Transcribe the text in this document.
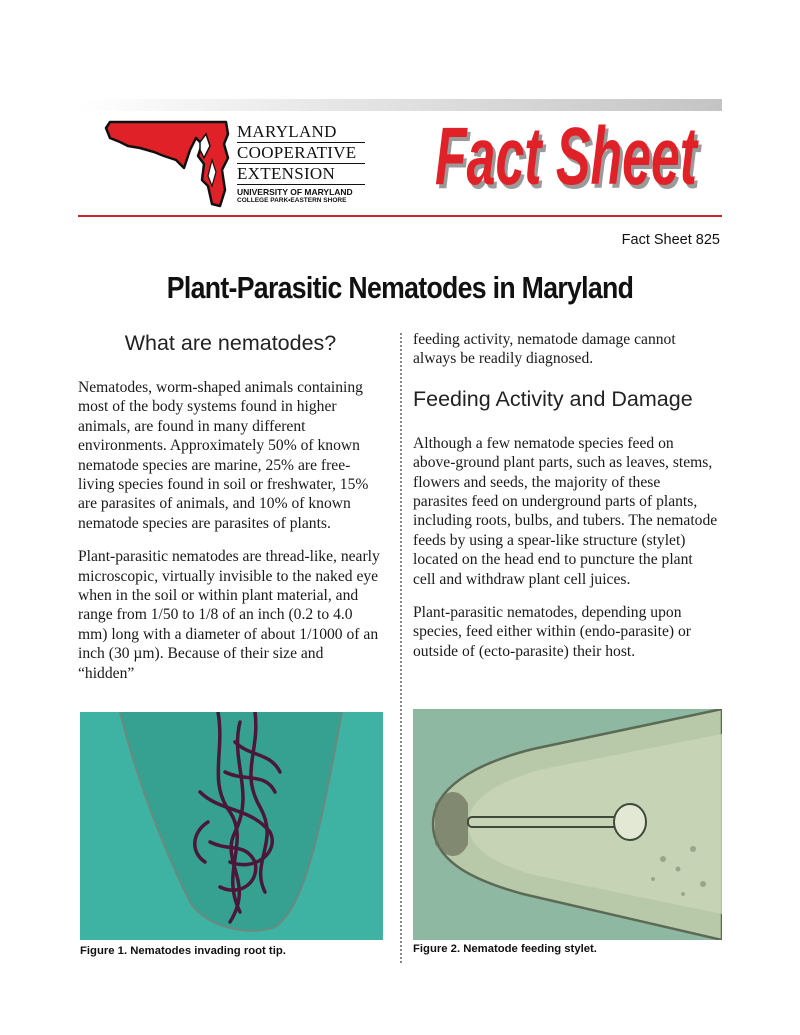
MARYLAND
COOPERATIVE
EXTENSION
UNIVERSITY OF MARYLAND
COLLEGE PARK•EASTERN SHORE Fact Sheet
Fact Sheet
Fact Sheet 825
Plant-Parasitic Nematodes in Maryland
What are nematodes?

Nematodes, worm-shaped animals containing most of the body systems found in higher animals, are found in many different environments. Approximately 50% of known nematode species are marine, 25% are free-living species found in soil or freshwater, 15% are parasites of animals, and 10% of known nematode species are parasites of plants.

Plant-parasitic nematodes are thread-like, nearly microscopic, virtually invisible to the naked eye when in the soil or within plant material, and range from 1/50 to 1/8 of an inch (0.2 to 4.0 mm) long with a diameter of about 1/1000 of an inch (30 µm). Because of their size and “hidden”

feeding activity, nematode damage cannot always be readily diagnosed.

Feeding Activity and Damage

Although a few nematode species feed on above-ground plant parts, such as leaves, stems, flowers and seeds, the majority of these parasites feed on underground parts of plants, including roots, bulbs, and tubers. The nematode feeds by using a spear-like structure (stylet) located on the head end to puncture the plant cell and withdraw plant cell juices.

Plant-parasitic nematodes, depending upon species, feed either within (endo-parasite) or outside of (ecto-parasite) their host.

Figure 1. Nematodes invading root tip.	Figure 2. Nematode feeding stylet.
